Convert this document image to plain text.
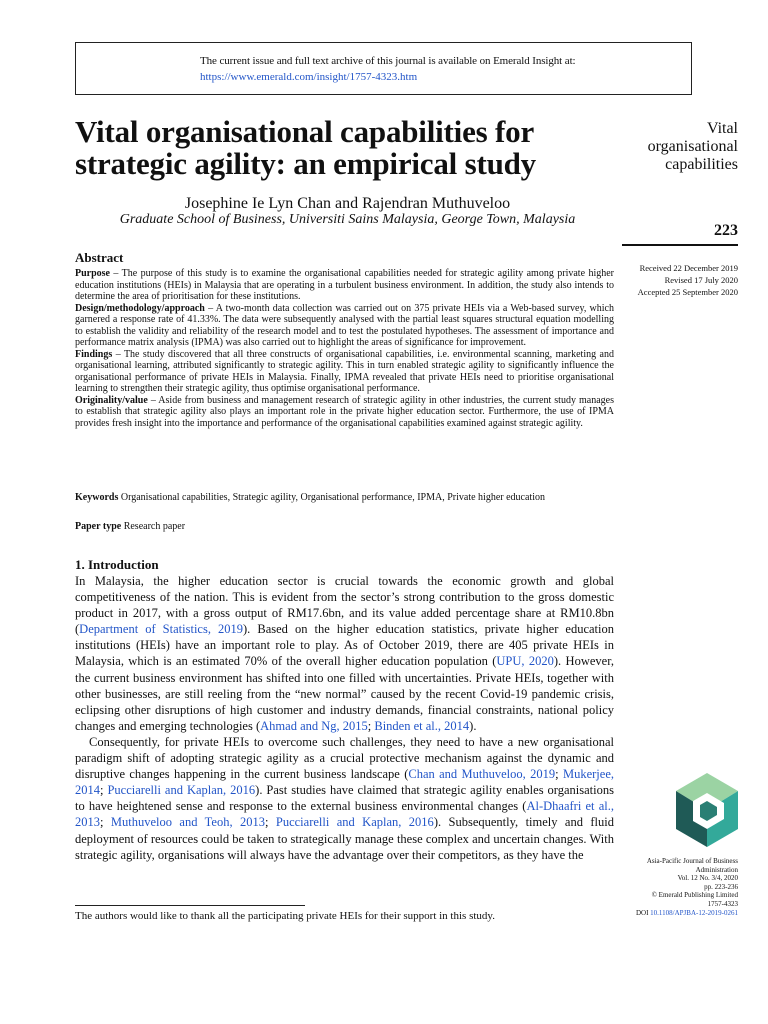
The current issue and full text archive of this journal is available on Emerald Insight at:
https://www.emerald.com/insight/1757-4323.htm
Vital organisational capabilities for strategic agility: an empirical study
Josephine Ie Lyn Chan and Rajendran Muthuveloo
Graduate School of Business, Universiti Sains Malaysia, George Town, Malaysia
Vital organisational capabilities
223
Received 22 December 2019
Revised 17 July 2020
Accepted 25 September 2020
Abstract

Purpose – The purpose of this study is to examine the organisational capabilities needed for strategic agility among private higher education institutions (HEIs) in Malaysia that are operating in a turbulent business environment. In addition, the study also intends to determine the area of prioritisation for these institutions.

Design/methodology/approach – A two-month data collection was carried out on 375 private HEIs via a Web-based survey, which garnered a response rate of 41.33%. The data were subsequently analysed with the partial least squares structural equation modelling to establish the validity and reliability of the research model and to test the postulated hypotheses. The assessment of importance and performance matrix analysis (IPMA) was also carried out to highlight the areas of significance for improvement.

Findings – The study discovered that all three constructs of organisational capabilities, i.e. environmental scanning, marketing and organisational learning, attributed significantly to strategic agility. This in turn enabled strategic agility to significantly influence the organisational performance of private HEIs in Malaysia. Finally, IPMA revealed that private HEIs need to prioritise organisational learning to strengthen their strategic agility, thus optimise organisational performance.

Originality/value – Aside from business and management research of strategic agility in other industries, the current study manages to establish that strategic agility also plays an important role in the private higher education sector. Furthermore, the use of IPMA provides fresh insight into the importance and performance of the organisational capabilities examined against strategic agility.

Keywords Organisational capabilities, Strategic agility, Organisational performance, IPMA, Private higher education
Paper type Research paper
1. Introduction

In Malaysia, the higher education sector is crucial towards the economic growth and global competitiveness of the nation. This is evident from the sector’s strong contribution to the gross domestic product in 2017, with a gross output of RM17.6bn, and its value added percentage share at RM10.8bn (Department of Statistics, 2019). Based on the higher education statistics, private higher education institutions (HEIs) have an important role to play. As of October 2019, there are 405 private HEIs in Malaysia, which is an estimated 70% of the overall higher education population (UPU, 2020). However, the current business environment has shifted into one filled with uncertainties. Private HEIs, together with other businesses, are still reeling from the “new normal” caused by the recent Covid-19 pandemic crisis, eclipsing other disruptions of high customer and industry demands, financial constraints, national policy changes and emerging technologies (Ahmad and Ng, 2015; Binden et al., 2014).

Consequently, for private HEIs to overcome such challenges, they need to have a new organisational paradigm shift of adopting strategic agility as a crucial protective mechanism against the dynamic and disruptive changes happening in the current business landscape (Chan and Muthuveloo, 2019; Mukerjee, 2014; Pucciarelli and Kaplan, 2016). Past studies have claimed that strategic agility enables organisations to have heightened sense and response to the external business environmental changes (Al-Dhaafri et al., 2013; Muthuveloo and Teoh, 2013; Pucciarelli and Kaplan, 2016). Subsequently, timely and fluid deployment of resources could be taken to strategically manage these complex and uncertain changes. With strategic agility, organisations will always have the advantage over their competitors, as they have the	Asia-Pacific Journal of Business
Administration
Vol. 12 No. 3/4, 2020
pp. 223-236
© Emerald Publishing Limited
1757-4323
DOI 10.1108/APJBA-12-2019-0261
The authors would like to thank all the participating private HEIs for their support in this study.
